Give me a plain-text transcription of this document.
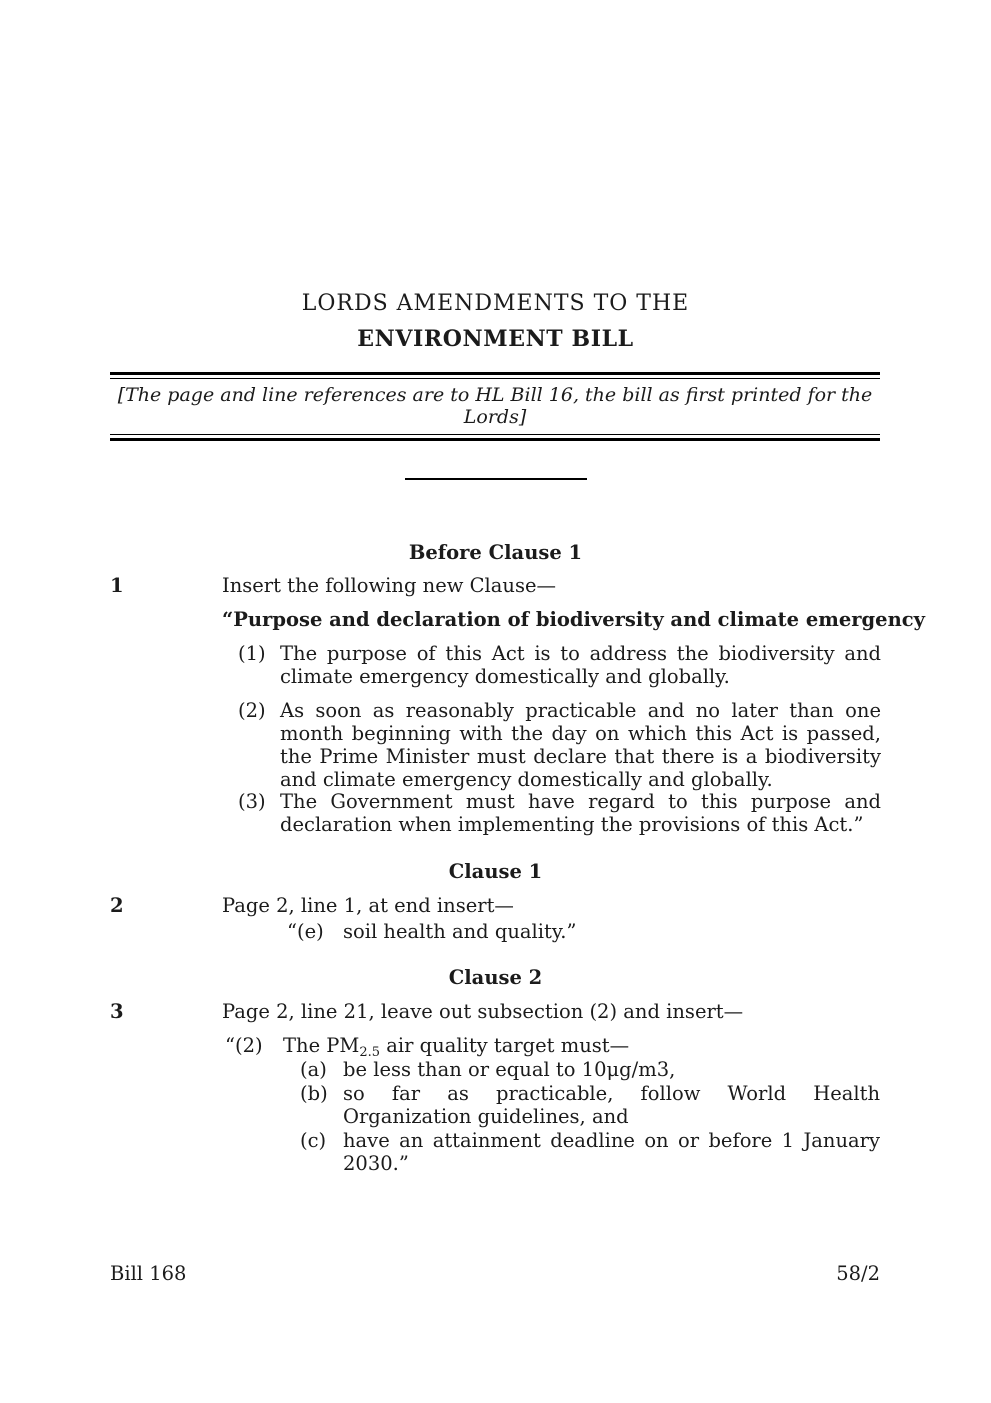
LORDS AMENDMENTS TO THE
ENVIRONMENT BILL
[The page and line references are to HL Bill 16, the bill as first printed for the Lords]
Before Clause 1
1	Insert the following new Clause—
“Purpose and declaration of biodiversity and climate emergency
(1) The purpose of this Act is to address the biodiversity and climate emergency domestically and globally.
(2) As soon as reasonably practicable and no later than one month beginning with the day on which this Act is passed, the Prime Minister must declare that there is a biodiversity and climate emergency domestically and globally.
(3) The Government must have regard to this purpose and declaration when implementing the provisions of this Act.”
Clause 1
2	Page 2, line 1, at end insert—
“(e) soil health and quality.”
Clause 2
3	Page 2, line 21, leave out subsection (2) and insert—
“(2) The $PM_{2.5}$ air quality target must—
(a) be less than or equal to 10μg/m3,
(b) so far as practicable, follow World Health Organization guidelines, and
(c) have an attainment deadline on or before 1 January 2030.”
Bill 168	58/2
